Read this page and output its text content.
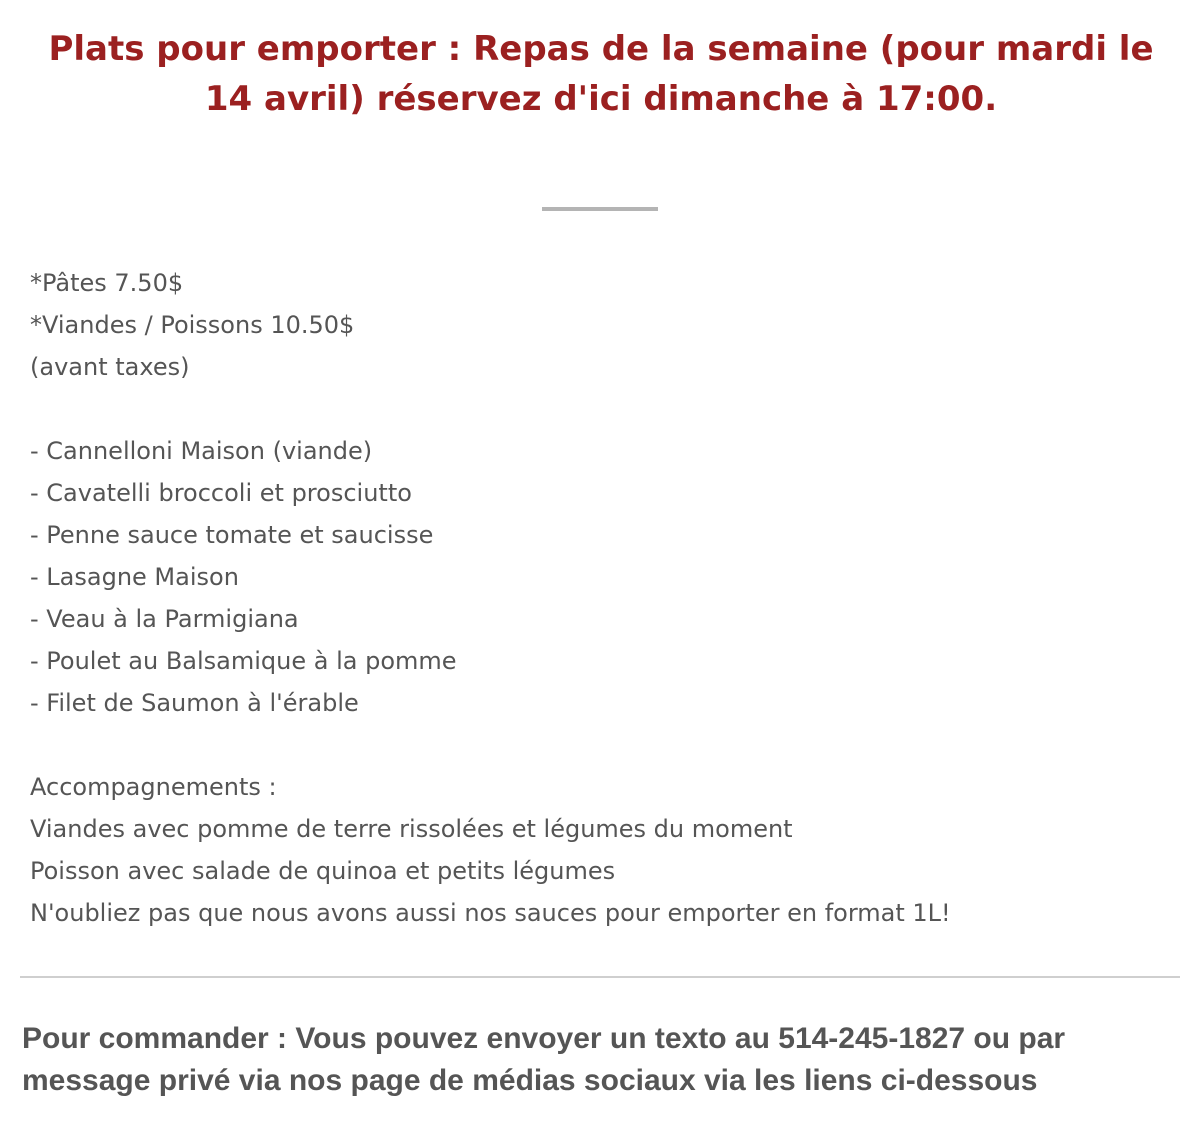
Plats pour emporter : Repas de la semaine (pour mardi le 14 avril) réservez d'ici dimanche à 17:00.
*Pâtes 7.50$
*Viandes / Poissons 10.50$
(avant taxes)
- Cannelloni Maison (viande)
- Cavatelli broccoli et prosciutto
- Penne sauce tomate et saucisse
- Lasagne Maison
- Veau à la Parmigiana
- Poulet au Balsamique à la pomme
- Filet de Saumon à l'érable
Accompagnements :
Viandes avec pomme de terre rissolées et légumes du moment
Poisson avec salade de quinoa et petits légumes
N'oubliez pas que nous avons aussi nos sauces pour emporter en format 1L!

Pour commander : Vous pouvez envoyer un texto au 514-245-1827 ou par message privé via nos page de médias sociaux via les liens ci-dessous
